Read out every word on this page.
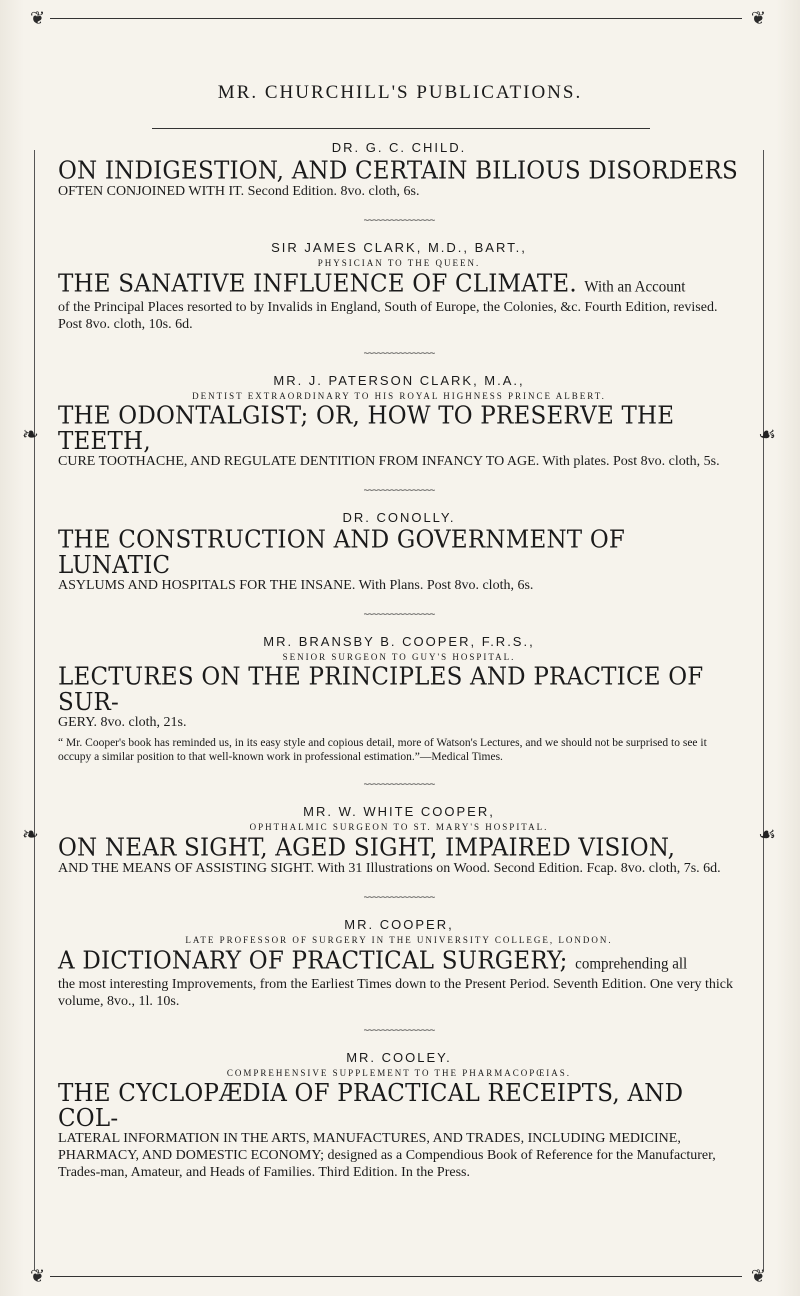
❦	❦
MR. CHURCHILL'S PUBLICATIONS.
❧	☙
❧	☙

DR. G. C. CHILD.

ON INDIGESTION, AND CERTAIN BILIOUS DISORDERS

OFTEN CONJOINED WITH IT. Second Edition. 8vo. cloth, 6s.

~~~~~~~~~~~~~~~~

SIR JAMES CLARK, M.D., BART.,

PHYSICIAN TO THE QUEEN.

THE SANATIVE INFLUENCE OF CLIMATE. With an Account

of the Principal Places resorted to by Invalids in England, South of Europe, the Colonies, &c. Fourth Edition, revised. Post 8vo. cloth, 10s. 6d.

~~~~~~~~~~~~~~~~

MR. J. PATERSON CLARK, M.A.,

DENTIST EXTRAORDINARY TO HIS ROYAL HIGHNESS PRINCE ALBERT.

THE ODONTALGIST; OR, HOW TO PRESERVE THE TEETH,

CURE TOOTHACHE, AND REGULATE DENTITION FROM INFANCY TO AGE. With plates. Post 8vo. cloth, 5s.

~~~~~~~~~~~~~~~~

DR. CONOLLY.

THE CONSTRUCTION AND GOVERNMENT OF LUNATIC

ASYLUMS AND HOSPITALS FOR THE INSANE. With Plans. Post 8vo. cloth, 6s.

~~~~~~~~~~~~~~~~

MR. BRANSBY B. COOPER, F.R.S.,

SENIOR SURGEON TO GUY'S HOSPITAL.

LECTURES ON THE PRINCIPLES AND PRACTICE OF SUR-

GERY. 8vo. cloth, 21s.

“ Mr. Cooper's book has reminded us, in its easy style and copious detail, more of Watson's Lectures, and we should not be surprised to see it occupy a similar position to that well-known work in professional estimation.”—Medical Times.

~~~~~~~~~~~~~~~~

MR. W. WHITE COOPER,

OPHTHALMIC SURGEON TO ST. MARY'S HOSPITAL.

ON NEAR SIGHT, AGED SIGHT, IMPAIRED VISION,

AND THE MEANS OF ASSISTING SIGHT. With 31 Illustrations on Wood. Second Edition. Fcap. 8vo. cloth, 7s. 6d.

~~~~~~~~~~~~~~~~

MR. COOPER,

LATE PROFESSOR OF SURGERY IN THE UNIVERSITY COLLEGE, LONDON.

A DICTIONARY OF PRACTICAL SURGERY; comprehending all

the most interesting Improvements, from the Earliest Times down to the Present Period. Seventh Edition. One very thick volume, 8vo., 1l. 10s.

~~~~~~~~~~~~~~~~

MR. COOLEY.

COMPREHENSIVE SUPPLEMENT TO THE PHARMACOPŒIAS.

THE CYCLOPÆDIA OF PRACTICAL RECEIPTS, AND COL-

LATERAL INFORMATION IN THE ARTS, MANUFACTURES, AND TRADES, INCLUDING MEDICINE, PHARMACY, AND DOMESTIC ECONOMY; designed as a Compendious Book of Reference for the Manufacturer, Trades-man, Amateur, and Heads of Families. Third Edition. In the Press.

❦	❦
